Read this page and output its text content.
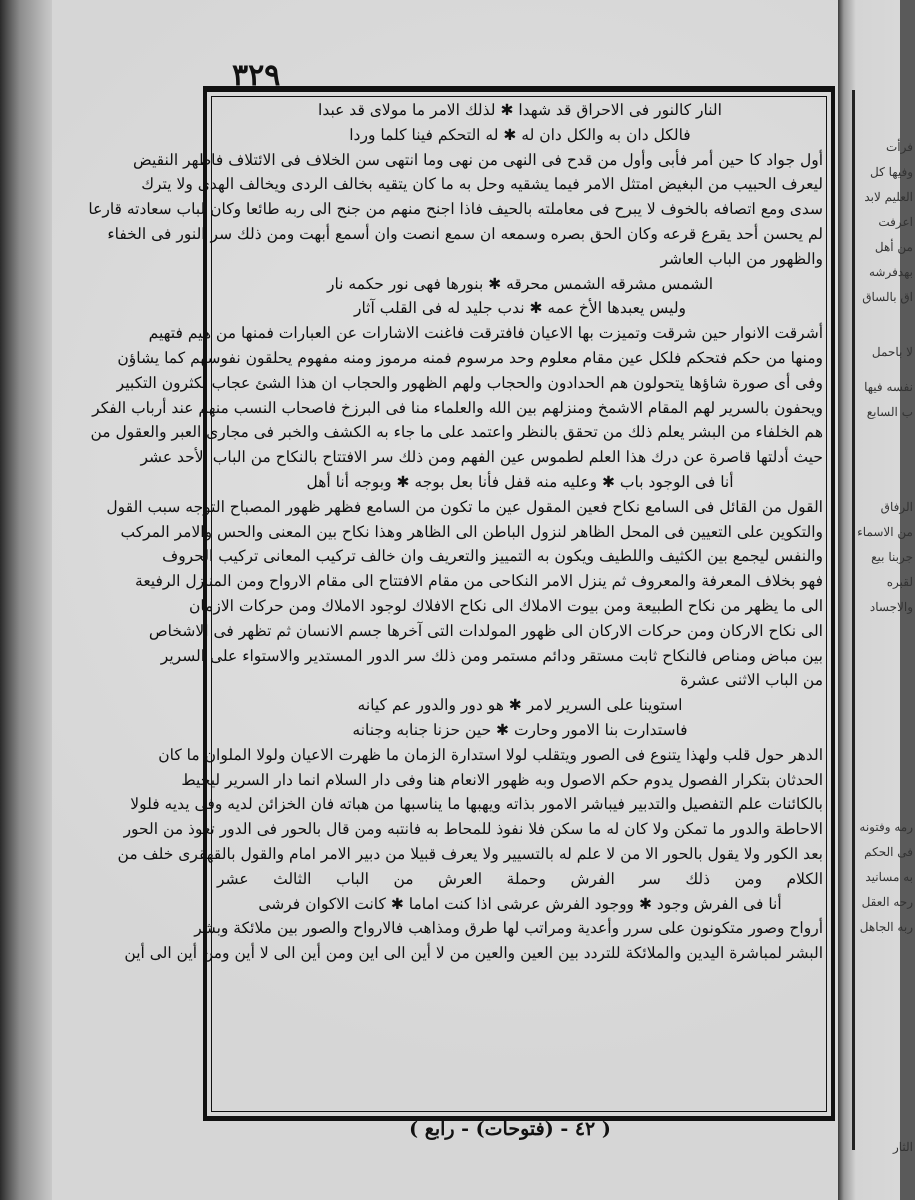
فرأت
وفيها كل
العليم لابد
اعرفت
من أهل
بهدفرشه
اق بالساق
لا باحمل
نفسه فيها
ب السابع
الرفاق
من الاسماء
جربنا بيع
لقبره
والاجساد
رمه وفتونه
فى الحكم
به مسانيد
رحه العقل
ربه الجاهل
الثار
٣٢٩
النار كالنور فى الاحراق قد شهدا ✱ لذلك الامر ما مولاى قد عبدا
فالكل دان به والكل دان له ✱ له التحكم فينا كلما وردا
أول جواد كا حين أمر فأبى وأول من قدح فى النهى من نهى وما انتهى سن الخلاف فى الائتلاف فاظهر النقيض
ليعرف الحبيب من البغيض امتثل الامر فيما يشقيه وحل به ما كان يتقيه بخالف الردى ويخالف الهدى ولا يترك
سدى ومع اتصافه بالخوف لا يبرح فى معاملته بالحيف فاذا اجنح منهم من جنح الى ربه طائعا وكان لباب سعادته قارعا
لم يحسن أحد يقرع قرعه وكان الحق بصره وسمعه ان سمع انصت وان أسمع أبهت ومن ذلك سر النور فى الخفاء
والظهور من الباب العاشر
الشمس مشرقه الشمس محرقه ✱ بنورها فهى نور حكمه نار
وليس يعبدها الأخ عمه ✱ ندب جليد له فى القلب آثار
أشرقت الانوار حين شرقت وتميزت بها الاعيان فافترقت فاغنت الاشارات عن العبارات فمنها من هيم فتهيم
ومنها من حكم فتحكم فلكل عين مقام معلوم وحد مرسوم فمنه مرموز ومنه مفهوم يحلقون نفوسهم كما يشاؤن
وفى أى صورة شاؤها يتحولون هم الحدادون والحجاب ولهم الظهور والحجاب ان هذا الشئ عجاب يكثرون التكبير
ويحفون بالسرير لهم المقام الاشمخ ومنزلهم بين الله والعلماء منا فى البرزخ فاصحاب النسب منهم عند أرباب الفكر
هم الخلفاء من البشر يعلم ذلك من تحقق بالنظر واعتمد على ما جاء به الكشف والخبر فى مجارى العبر والعقول من
حيث أدلتها قاصرة عن درك هذا العلم لطموس عين الفهم ومن ذلك سر الافتتاح بالنكاح من الباب الأحد عشر
أنا فى الوجود باب ✱ وعليه منه قفل فأنا بعل بوجه ✱ وبوجه أنا أهل
القول من القائل فى السامع نكاح فعين المقول عين ما تكون من السامع فظهر ظهور المصباح التوجه سبب القول
والتكوين على التعيين فى المحل الظاهر لنزول الباطن الى الظاهر وهذا نكاح بين المعنى والحس والامر المركب
والنفس ليجمع بين الكثيف واللطيف ويكون به التمييز والتعريف وان خالف تركيب المعانى تركيب الحروف
فهو بخلاف المعرفة والمعروف ثم ينزل الامر النكاحى من مقام الافتتاح الى مقام الارواح ومن المنازل الرفيعة
الى ما يظهر من نكاح الطبيعة ومن بيوت الاملاك الى نكاح الافلاك لوجود الاملاك ومن حركات الازمان
الى نكاح الاركان ومن حركات الاركان الى ظهور المولدات التى آخرها جسم الانسان ثم تظهر فى الاشخاص
بين مباض ومناص فالنكاح ثابت مستقر ودائم مستمر ومن ذلك سر الدور المستدير والاستواء على السرير
من الباب الاثنى عشرة
استوينا على السرير لامر ✱ هو دور والدور عم كيانه
فاستدارت بنا الامور وحارت ✱ حين حزنا جنابه وجنانه
الدهر حول قلب ولهذا يتنوع فى الصور ويتقلب لولا استدارة الزمان ما ظهرت الاعيان ولولا الملوان ما كان
الحدثان بتكرار الفصول يدوم حكم الاصول وبه ظهور الانعام هنا وفى دار السلام انما دار السرير ليحيط
بالكائنات علم التفصيل والتدبير فيباشر الامور بذاته ويهبها ما يناسبها من هباته فان الخزائن لديه وفى يديه فلولا
الاحاطة والدور ما تمكن ولا كان له ما سكن فلا نفوذ للمحاط به فانتبه ومن قال بالحور فى الدور تعوذ من الحور
بعد الكور ولا يقول بالحور الا من لا علم له بالتسيير ولا يعرف قبيلا من دبير الامر امام والقول بالقهقرى خلف من
الكلام ومن ذلك سر الفرش وحملة العرش من الباب الثالث عشر
أنا فى الفرش وجود ✱ ووجود الفرش عرشى اذا كنت اماما ✱ كانت الاكوان فرشى
أرواح وصور متكونون على سرر وأعدية ومراتب لها طرق ومذاهب فالارواح والصور بين ملائكة وبشر
البشر لمباشرة اليدين والملائكة للتردد بين العين والعين من لا أين الى اين ومن أين الى لا أين ومن أين الى أين
( ٤٢ - (فتوحات) - رابع )
